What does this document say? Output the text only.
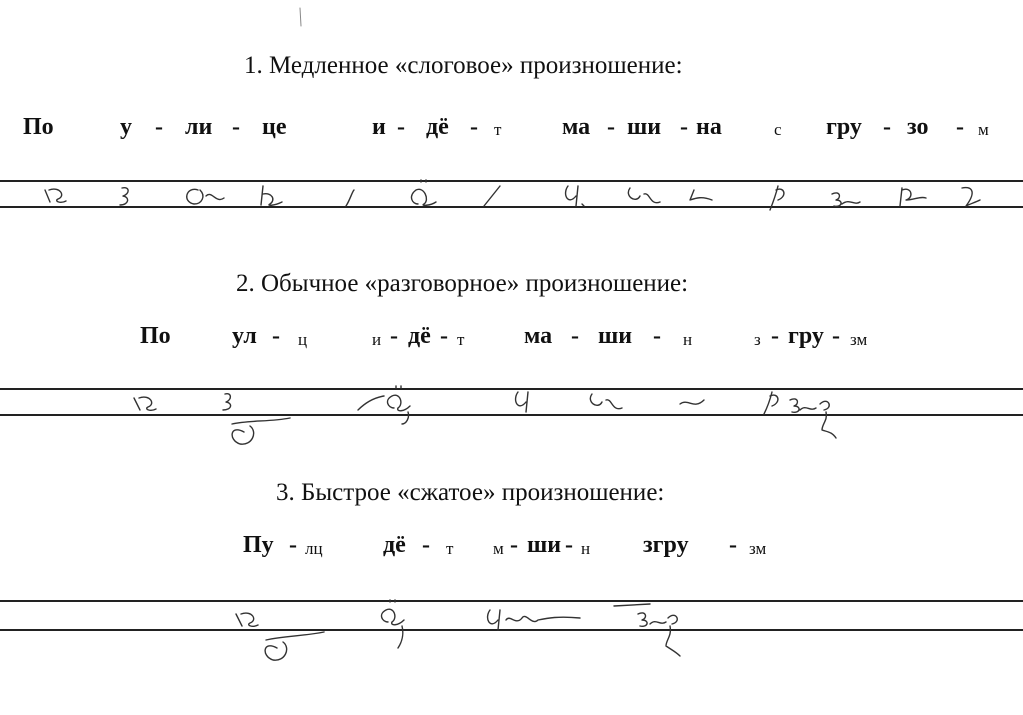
1. Медленное «слоговое» произношение:
По	у - ли - це	и - дё - т	ма - ши - на	с гру - зо - м
2. Обычное «разговорное» произношение:
По	ул - ц	и - дё - т ма - ши - н	з - гру - зм
3. Быстрое «сжатое» произношение:
Пу - лц	дё - т м - ши - н згру - зм
